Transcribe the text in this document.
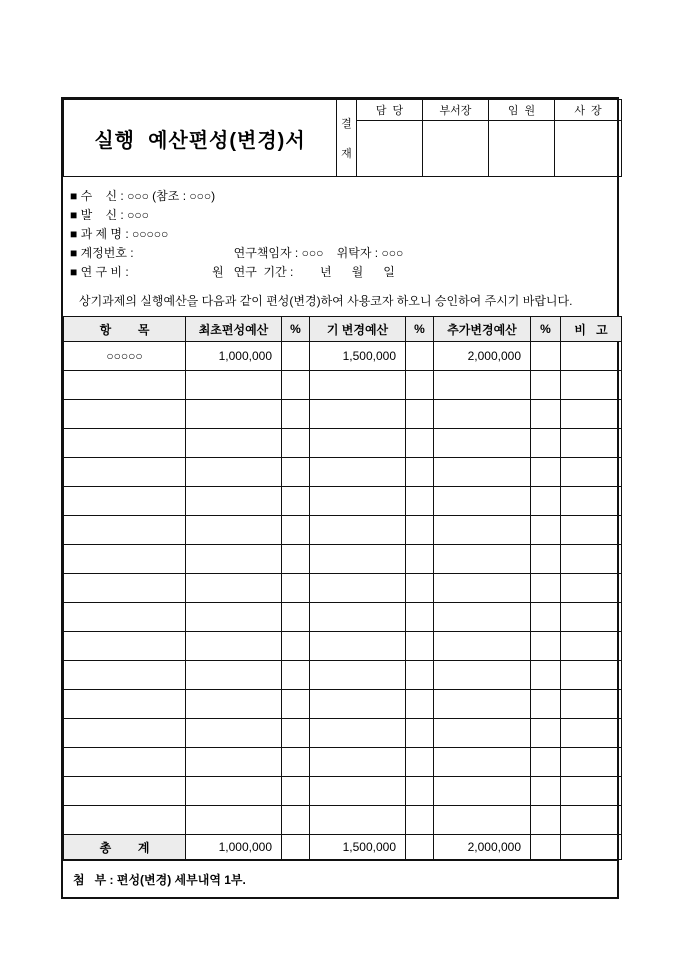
실행  예산편성(변경)서	결
재	담  당	부서장	임  원	사  장

■ 수    신 : ○○○ (참조 : ○○○)
■ 발    신 : ○○○
■ 과 제 명 : ○○○○○
■ 계정번호 :                              연구책임자 : ○○○    위탁자 : ○○○
■ 연 구 비 :                         원   연구  기간 :        년      월      일
상기과제의 실행예산을 다음과 같이 편성(변경)하여 사용코자 하오니 승인하여 주시기 바랍니다.
항        목	최초편성예산	%	기 변경예산	%	추가변경예산	%	비   고
○○○○○	1,000,000		1,500,000		2,000,000		

총        계	1,000,000		1,500,000		2,000,000		
첨   부 : 편성(변경) 세부내역 1부.
